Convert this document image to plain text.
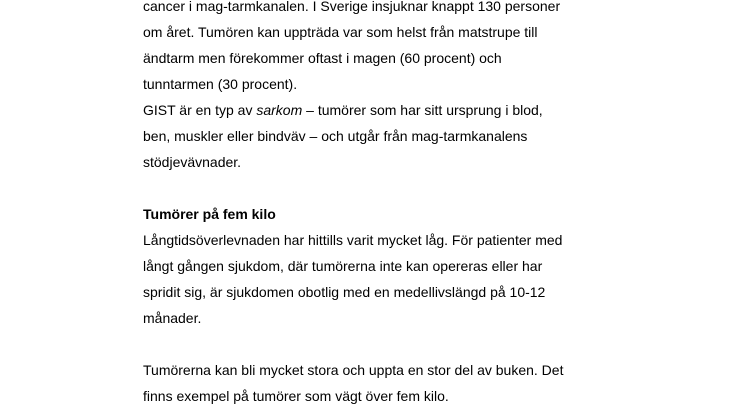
cancer i mag-tarmkanalen. I Sverige insjuknar knappt 130 personer
om året. Tumören kan uppträda var som helst från matstrupe till
ändtarm men förekommer oftast i magen (60 procent) och
tunntarmen (30 procent).
GIST är en typ av sarkom – tumörer som har sitt ursprung i blod,
ben, muskler eller bindväv – och utgår från mag-tarmkanalens
stödjevävnader.
Tumörer på fem kilo
Långtidsöverlevnaden har hittills varit mycket låg. För patienter med
långt gången sjukdom, där tumörerna inte kan opereras eller har
spridit sig, är sjukdomen obotlig med en medellivslängd på 10-12
månader.
Tumörerna kan bli mycket stora och uppta en stor del av buken. Det
finns exempel på tumörer som vägt över fem kilo.
